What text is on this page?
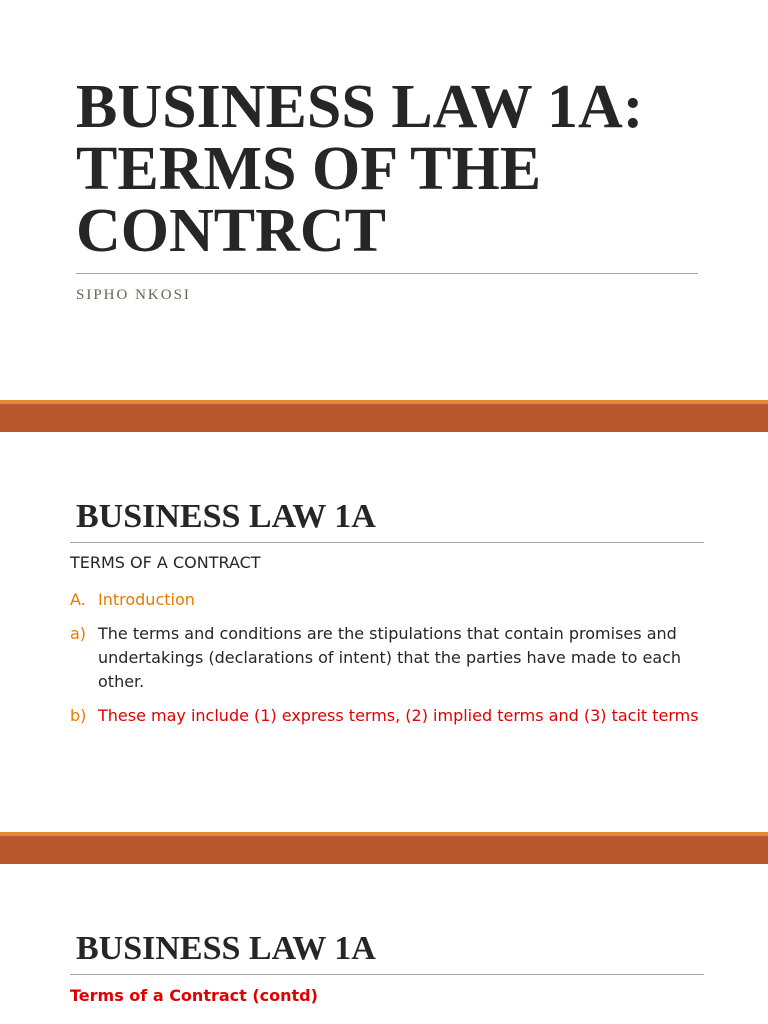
BUSINESS LAW 1A:
TERMS OF THE
CONTRCT
SIPHO NKOSI
BUSINESS LAW 1A
TERMS OF A CONTRACT
A. Introduction
a) The terms and conditions are the stipulations that contain promises and undertakings (declarations of intent) that the parties have made to each other.
b) These may include (1) express terms, (2) implied terms and (3) tacit terms
BUSINESS LAW 1A
Terms of a Contract (contd)
